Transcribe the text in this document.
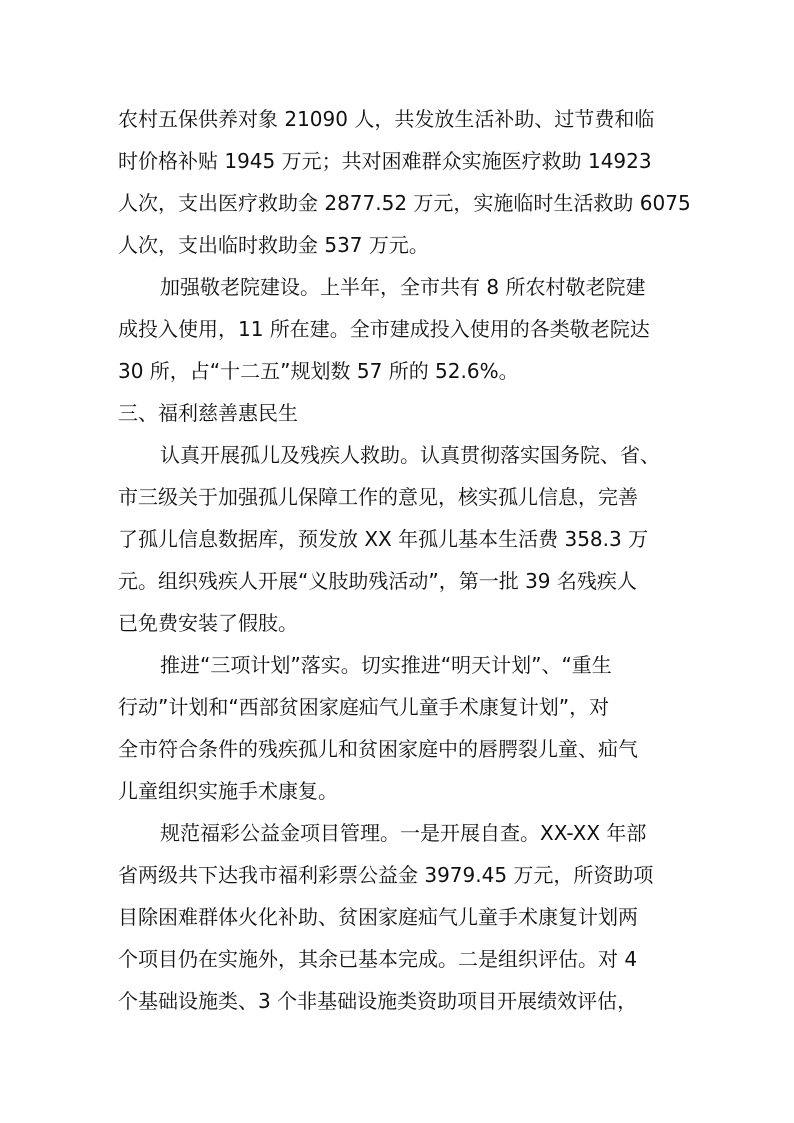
农村五保供养对象 21090 人，共发放生活补助、过节费和临
时价格补贴 1945 万元；共对困难群众实施医疗救助 14923
人次，支出医疗救助金 2877.52 万元，实施临时生活救助 6075
人次，支出临时救助金 537 万元。
加强敬老院建设。上半年，全市共有 8 所农村敬老院建
成投入使用，11 所在建。全市建成投入使用的各类敬老院达
30 所，占“十二五”规划数 57 所的 52.6%。
三、福利慈善惠民生
认真开展孤儿及残疾人救助。认真贯彻落实国务院、省、
市三级关于加强孤儿保障工作的意见，核实孤儿信息，完善
了孤儿信息数据库，预发放 XX 年孤儿基本生活费 358.3 万
元。组织残疾人开展“义肢助残活动”，第一批 39 名残疾人
已免费安装了假肢。
推进“三项计划”落实。切实推进“明天计划”、“重生
行动”计划和“西部贫困家庭疝气儿童手术康复计划”，对
全市符合条件的残疾孤儿和贫困家庭中的唇腭裂儿童、疝气
儿童组织实施手术康复。
规范福彩公益金项目管理。一是开展自查。XX-XX 年部
省两级共下达我市福利彩票公益金 3979.45 万元，所资助项
目除困难群体火化补助、贫困家庭疝气儿童手术康复计划两
个项目仍在实施外，其余已基本完成。二是组织评估。对 4
个基础设施类、3 个非基础设施类资助项目开展绩效评估，
